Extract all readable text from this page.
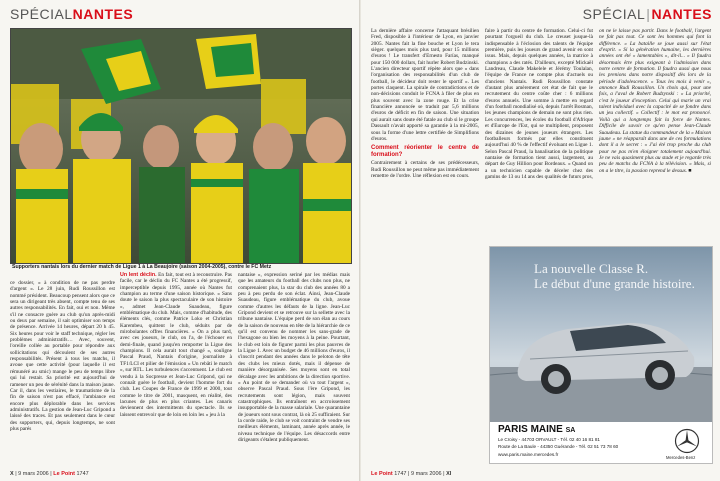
SPÉCIALNANTES
Supporters nantais lors du dernier match de Ligue 1 à La Beaujoire (saison 2004-2005), contre le FC Metz

ce dossier, « à condition de ne pas perdre d'argent ». Le 28 juin, Rudi Roussillon est nommé président. Beaucoup pensent alors que ce sera un dirigeant très absent, compte tenu de ses autres responsabilités. En fait, oui et non. Même s'il ne consacre guère au club qu'un après-midi ou deux par semaine, il sait optimiser son temps de présence. Arrivée 14 heures, départ 20 h 45. Six heures pour voir le staff technique, régler les problèmes administratifs… Avec, souvent, l'oreille collée au portable pour répondre aux sollicitations qui découlent de ses autres responsabilités. Présent à tous les matchs, il avoue que cette activité (pour laquelle il est rémunéré au smic) mange le peu de temps libre qui lui restait. Sa priorité est aujourd'hui de ramener un peu de sérénité dans la maison jaune. Car il, dans les vestiaires, le traumatisme de la fin de saison n'est pas effacé, l'ambiance est encore plus déplorable dans les services administratifs. La gestion de Jean-Luc Gripond a laissé des traces. Et pas seulement dans le cœur des supporters, qui, depuis longtemps, ne sont plus parés

Un lent déclin. En fait, tout est à reconstruire. Pas facile, car le déclin du FC Nantes a été progressif, imperceptible depuis 1995, année où Nantes fut champion au terme d'une saison historique. « Sans doute le saison la plus spectaculaire de son histoire », admet Jean-Claude Suaudeau, figure emblématique du club. Mais, comme d'habitude, des éléments clés, comme Patrice Loko et Christian Karembeu, quittent le club, séduits par de mirobolantes offres financières. « On a plus tard, avec ces joueurs, le club, on l'a, de l'échouer en demi-finale, quand jusqu'en remporter la Ligue des champions. Il cela aurait tout changé », souligne Pascal Praud, Nantais d'origine, journaliste à TF1/LCI et pilier de l'émission « Un rebâti le match », sur RTL. Les turbulences s'accentuent. Le club est vendu à la Socpresse et Jean-Luc Gripond, qui ne connaît guère le football, devient l'homme fort du club. Les Coupes de France de 1999 et 2000, tout comme le titre de 2001, masquent, en réalité, des lacunes de plus en plus criantes. Les canaris deviennent des intermittents du spectacle. Ils se laissent entrevoir que de loin en loin les « jeu à la

nantaise », expression seriné par les médias mais que les amateurs du football des clubs non plus, ne comprenaient plus, la star du club des années 80 a peu à peu perdu de son éclat. Ainsi, Jean-Claude Suaudeau, figure emblématique du club, avoue comme d'autres les défauts de la ligne. Jean-Luc Gripond devient et se retrouve sur la sellette avec la tribune nantaise. L'équipe perd de son élan au cours de la saison de nouveau en tête de la hiérarchie de ce qu'il est convenu de nommer les sans-grade de l'hexagone ou bien les moyens à la peine. Pourtant, le club est loin de figurer parmi les plus pauvres de la Ligue 1. Avec un budget de 46 millions d'euros, il s'inscrit pendant des années dans le peloton de tête des clubs les mieux dotés, mais il dépense de manière désorganisée. Ses moyens sont en total décalage avec les ambitions de la direction sportive. « Au point de se demander où va tout l'argent », observe Pascal Praud. Sous l'ère Gripond, les recrutements sont légion, mais souvent catastrophiques. Ils entraînent en accroissement insupportable de la masse salariale. Une quarantaine de joueurs sont sous contrat, là où 25 suffiraient. Sur la corde raide, le club se voit contraint de vendre ses meilleurs éléments, laminant, année après année, le niveau technique de l'équipe. Les désaccords entre dirigeants s'étalent publiquement.

X | 9 mars 2006 | Le Point 1747
SPÉCIAL|NANTES

La dernière affaire concerne l'attaquant brésilien Fred, disposible à l'intérieur de Lyon, en janvier 2005. Nantes fait la fine bouche et Lyon le tera sièger. quelques mois plus tard, pour 15 millions d'euros ! Le transfert d'Ernesto Farías, manqué pour 150 000 dollars, fait hurler Robert Budzinski. L'ancien directeur sportif répète alors que « dans l'organisation des responsabilités d'un club de football, le décideur doit rester le sportif ». Les portes claquent. La spirale de contradictions et de non-décisions conduit le FCNA à filer de plus en plus souvent avec la zone rouge. Et la crise financière annoncée se traduit par 5,6 millions d'euros de déficit en fin de saison. Une situation qui aurait sans doute été fatale au club si le groupe Dassault n'avait apporté sa garantie à la mi-2005, sous la forme d'une lettre certifiée de Simplifions d'euros.

Comment réorienter le centre de formation?

Contrairement à certains de ses prédécesseurs, Rudi Roussillon ne peut même pas immédiatement remettre de l'ordre. Une réflexion est en cours.

faire à partir du centre de formation. Celui-ci fut pourtant l'orgueil du club. Le creuset jusque-là indispensable à l'éclosion des talents de l'équipe première, puis les joueurs de grand avenir en sont issus. Mais, depuis quelques années, la matrice à champions a des ratés. D'ailleurs, excepté Mickaël Landreau, Claude Makelele et Jérémy Toulalan, l'équipe de France ne compte plus d'actuels ou d'anciens Nantais. Rudi Roussillon constate d'autant plus amèrement cet état de fait que le recrutement du centre coûte cher : 6 millions d'euros annuels. Une somme à mettre en regard d'un football mondialisé où, depuis l'arrêt Bosman, les jeunes champions de demain ne sont plus rien. Les concurrences, les écoles du football d'Afrique et d'Europe de l'Est, qui se multiplient, proposent des dizaines de jeunes joueurs étrangers. Les footballeurs formés par elles constituent aujourd'hui 40 % de l'effectif évoluant en Ligue 1. Selon Pascal Praud, la banalisation de la politique nantaise de formation tient aussi, largement, au départ de Guy Hillion pour Bordeaux. « Quand on a un technicien capable de déceler chez des gamins de 13 ou 14 ans des qualités de futurs pros,

on ne le laisse pas partir. Dans le football, l'argent ne fait pas tout. Ce sont les hommes qui font la différence. » La bataille se joue aussi sur l'état d'esprit. « Si la génération humaine, les dernières années ont été « lamentables », dit-il... « Il faudra désormais être plus exigeant à l'admission dans notre centre de formation. Il faudra aussi que nous les prenions dans notre dispositif dès lors de la période d'adolescence. » Tous les mois à venir », annonce Rudi Roussillon. Un choix qui, pour une fois, a l'aval de Robert Budzynski : « La priorité, c'est le joueur d'exception. Celui qui marie un vrai talent individuel avec la capacité de se fondre dans un jeu collectif. » Collectif : le mot est prononcé. Voilà qui a longtemps fait la force de Nantes. Difficile de savoir ce qu'en pense Jean-Claude Suaudeau. La statue du commandeur de la « Maison jaune » ne réapparaît dans une de ces formulations dont il a le secret : « J'ai été trop proche du club pour ne pas m'en éloigner totalement aujourd'hui. Je ne vais quasiment plus au stade et je regarde très peu de matchs du FCNA à la télévision. » Mais, si on a le titre, la passion reprend le dessus. ■

Le Point 1747 | 9 mars 2006 | XI
La nouvelle Classe R.
Le début d'une grande histoire.
PARIS MAINE SA
Le Croisy - 44703 ORVAULT - Tél. 02 40 16 81 81
Route de La Baule - 44350 Guérande - Tél. 02 51 73 78 60
www.paris.maine.mercedes.fr
Mercedes-Benz
